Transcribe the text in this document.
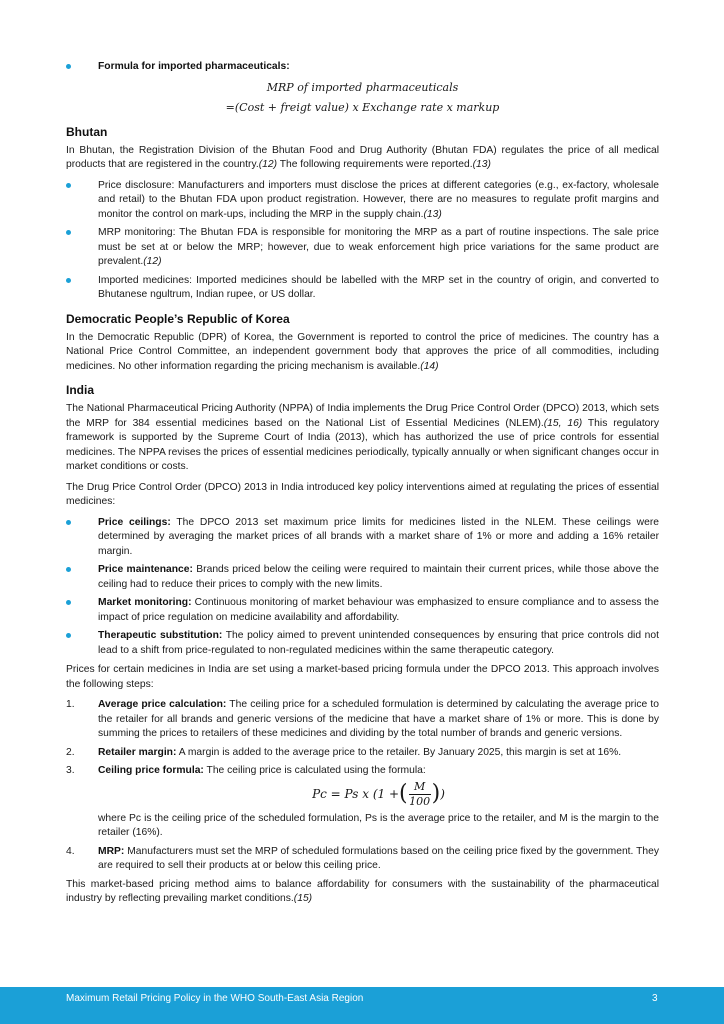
Formula for imported pharmaceuticals:
MRP of imported pharmaceuticals
=(Cost + freigt value) x Exchange rate x markup
Bhutan

In Bhutan, the Registration Division of the Bhutan Food and Drug Authority (Bhutan FDA) regulates the price of all medical products that are registered in the country.(12) The following requirements were reported.(13)

Price disclosure: Manufacturers and importers must disclose the prices at different categories (e.g., ex-factory, wholesale and retail) to the Bhutan FDA upon product registration. However, there are no measures to regulate profit margins and monitor the control on mark-ups, including the MRP in the supply chain.(13)
MRP monitoring: The Bhutan FDA is responsible for monitoring the MRP as a part of routine inspections. The sale price must be set at or below the MRP; however, due to weak enforcement high price variations for the same product are prevalent.(12)
Imported medicines: Imported medicines should be labelled with the MRP set in the country of origin, and converted to Bhutanese ngultrum, Indian rupee, or US dollar.
Democratic People’s Republic of Korea

In the Democratic Republic (DPR) of Korea, the Government is reported to control the price of medicines. The country has a National Price Control Committee, an independent government body that approves the price of all commodities, including medicines. No other information regarding the pricing mechanism is available.(14)

India

The National Pharmaceutical Pricing Authority (NPPA) of India implements the Drug Price Control Order (DPCO) 2013, which sets the MRP for 384 essential medicines based on the National List of Essential Medicines (NLEM).(15, 16) This regulatory framework is supported by the Supreme Court of India (2013), which has authorized the use of price controls for essential medicines. The NPPA revises the prices of essential medicines periodically, typically annually or when significant changes occur in market conditions or costs.

The Drug Price Control Order (DPCO) 2013 in India introduced key policy interventions aimed at regulating the prices of essential medicines:

Price ceilings: The DPCO 2013 set maximum price limits for medicines listed in the NLEM. These ceilings were determined by averaging the market prices of all brands with a market share of 1% or more and adding a 16% retailer margin.
Price maintenance: Brands priced below the ceiling were required to maintain their current prices, while those above the ceiling had to reduce their prices to comply with the new limits.
Market monitoring: Continuous monitoring of market behaviour was emphasized to ensure compliance and to assess the impact of price regulation on medicine availability and affordability.
Therapeutic substitution: The policy aimed to prevent unintended consequences by ensuring that price controls did not lead to a shift from price-regulated to non-regulated medicines within the same therapeutic category.

Prices for certain medicines in India are set using a market-based pricing formula under the DPCO 2013. This approach involves the following steps:

1. Average price calculation: The ceiling price for a scheduled formulation is determined by calculating the average price to the retailer for all brands and generic versions of the medicine that have a market share of 1% or more. This is done by summing the prices to retailers of these medicines and dividing by the total number of brands and generic versions.
2. Retailer margin: A margin is added to the average price to the retailer. By January 2025, this margin is set at 16%.
3. Ceiling price formula: The ceiling price is calculated using the formula:
Pc = Ps x (1 + ( $\frac{M}{100}$ ) )
where Pc is the ceiling price of the scheduled formulation, Ps is the average price to the retailer, and M is the margin to the retailer (16%).
4. MRP: Manufacturers must set the MRP of scheduled formulations based on the ceiling price fixed by the government. They are required to sell their products at or below this ceiling price.

This market-based pricing method aims to balance affordability for consumers with the sustainability of the pharmaceutical industry by reflecting prevailing market conditions.(15)

Maximum Retail Pricing Policy in the WHO South-East Asia Region	3
